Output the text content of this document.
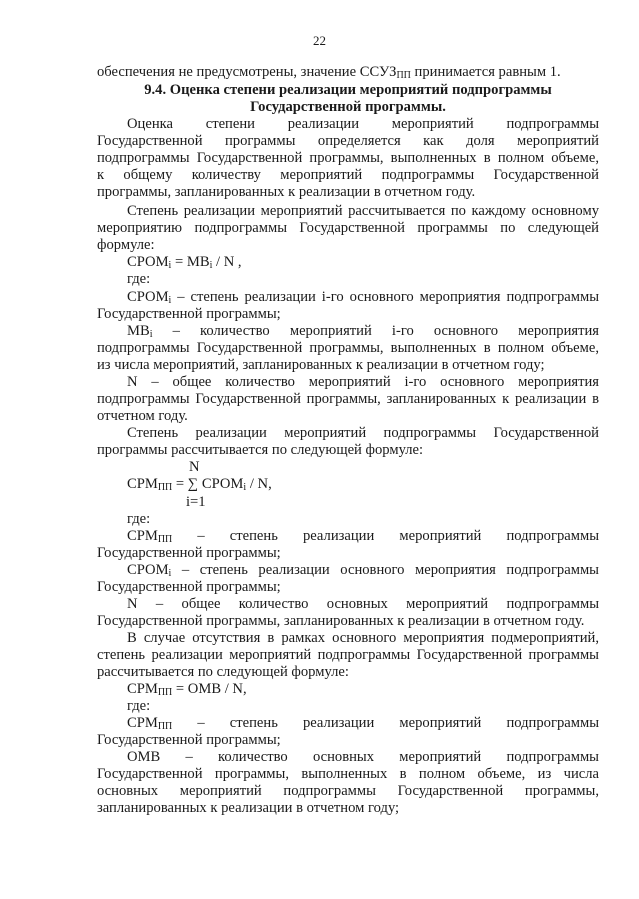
22
обеспечения не предусмотрены, значение $ССУЗ_{ПП}$ принимается равным 1.
9.4. Оценка степени реализации мероприятий подпрограммы
Государственной программы.
Оценка степени реализации мероприятий подпрограммы
Государственной программы определяется как доля мероприятий
подпрограммы Государственной программы, выполненных в полном объеме,
к общему количеству мероприятий подпрограммы Государственной
программы, запланированных к реализации в отчетном году.
Степень реализации мероприятий рассчитывается по каждому основному
мероприятию подпрограммы Государственной программы по следующей
формуле:
$СРОМ_i = МВ_i / N$ ,
где:
$СРОМ_i$ – степень реализации i-го основного мероприятия подпрограммы
Государственной программы;
$МВ_i$ – количество мероприятий i-го основного мероприятия
подпрограммы Государственной программы, выполненных в полном объеме,
из числа мероприятий, запланированных к реализации в отчетном году;
N – общее количество мероприятий i-го основного мероприятия
подпрограммы Государственной программы, запланированных к реализации в
отчетном году.
Степень реализации мероприятий подпрограммы Государственной
программы рассчитывается по следующей формуле:
N
$СРМ_{ПП}$ = ∑ $СРОМ_i$ / N,
i=1
где:
$СРМ_{ПП}$ – степень реализации мероприятий подпрограммы
Государственной программы;
$СРОМ_i$ – степень реализации основного мероприятия подпрограммы
Государственной программы;
N – общее количество основных мероприятий подпрограммы
Государственной программы, запланированных к реализации в отчетном году.
В случае отсутствия в рамках основного мероприятия подмероприятий,
степень реализации мероприятий подпрограммы Государственной программы
рассчитывается по следующей формуле:
$СРМ_{ПП}$ = ОМВ / N,
где:
$СРМ_{ПП}$ – степень реализации мероприятий подпрограммы
Государственной программы;
ОМВ – количество основных мероприятий подпрограммы
Государственной программы, выполненных в полном объеме, из числа
основных мероприятий подпрограммы Государственной программы,
запланированных к реализации в отчетном году;
